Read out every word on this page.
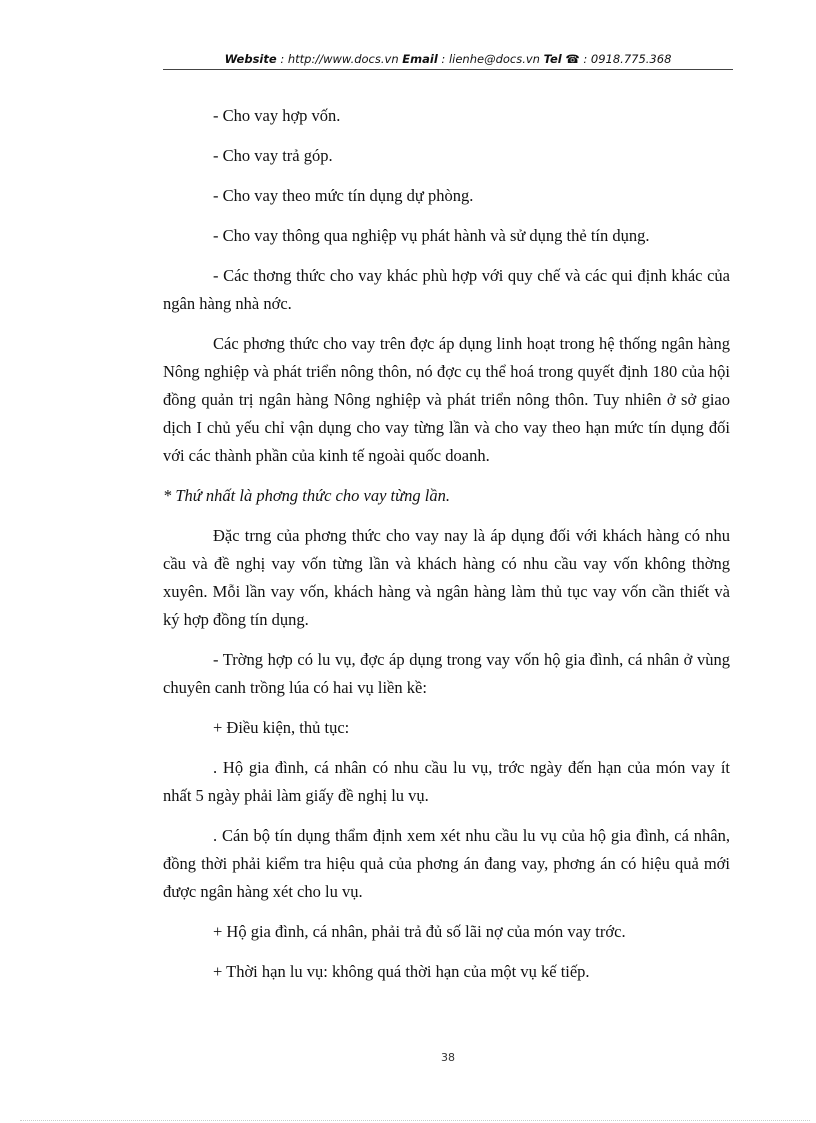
Website : http://www.docs.vn Email : lienhe@docs.vn Tel ☎ : 0918.775.368

- Cho vay hợp vốn.

- Cho vay trả góp.

- Cho vay theo mức tín dụng dự phòng.

- Cho vay thông qua nghiệp vụ phát hành và sử dụng thẻ tín dụng.

- Các thơng thức cho vay khác phù hợp với quy chế và các qui định khác của ngân hàng nhà nớc.

Các phơng thức cho vay trên đợc áp dụng linh hoạt trong hệ thống ngân hàng Nông nghiệp và phát triển nông thôn, nó đợc cụ thể hoá trong quyết định 180 của hội đồng quản trị ngân hàng Nông nghiệp và phát triển nông thôn. Tuy nhiên ở sở giao dịch I chủ yếu chỉ vận dụng cho vay từng lần và cho vay theo hạn mức tín dụng đối với các thành phần của kinh tế ngoài quốc doanh.

* Thứ nhất là phơng thức cho vay từng lần.

Đặc trng của phơng thức cho vay nay là áp dụng đối với khách hàng có nhu cầu và đề nghị vay vốn từng lần và khách hàng có nhu cầu vay vốn không thờng xuyên. Mỗi lần vay vốn, khách hàng và ngân hàng làm thủ tục vay vốn cần thiết và ký hợp đồng tín dụng.

- Trờng hợp có lu vụ, đợc áp dụng trong vay vốn hộ gia đình, cá nhân ở vùng chuyên canh trồng lúa có hai vụ liền kề:

+ Điều kiện, thủ tục:

. Hộ gia đình, cá nhân có nhu cầu lu vụ, trớc ngày đến hạn của món vay ít nhất 5 ngày phải làm giấy đề nghị lu vụ.

. Cán bộ tín dụng thẩm định xem xét nhu cầu lu vụ của hộ gia đình, cá nhân, đồng thời phải kiểm tra hiệu quả của phơng án đang vay, phơng án có hiệu quả mới được ngân hàng xét cho lu vụ.

+ Hộ gia đình, cá nhân, phải trả đủ số lãi nợ của món vay trớc.

+ Thời hạn lu vụ: không quá thời hạn của một vụ kế tiếp.

38
